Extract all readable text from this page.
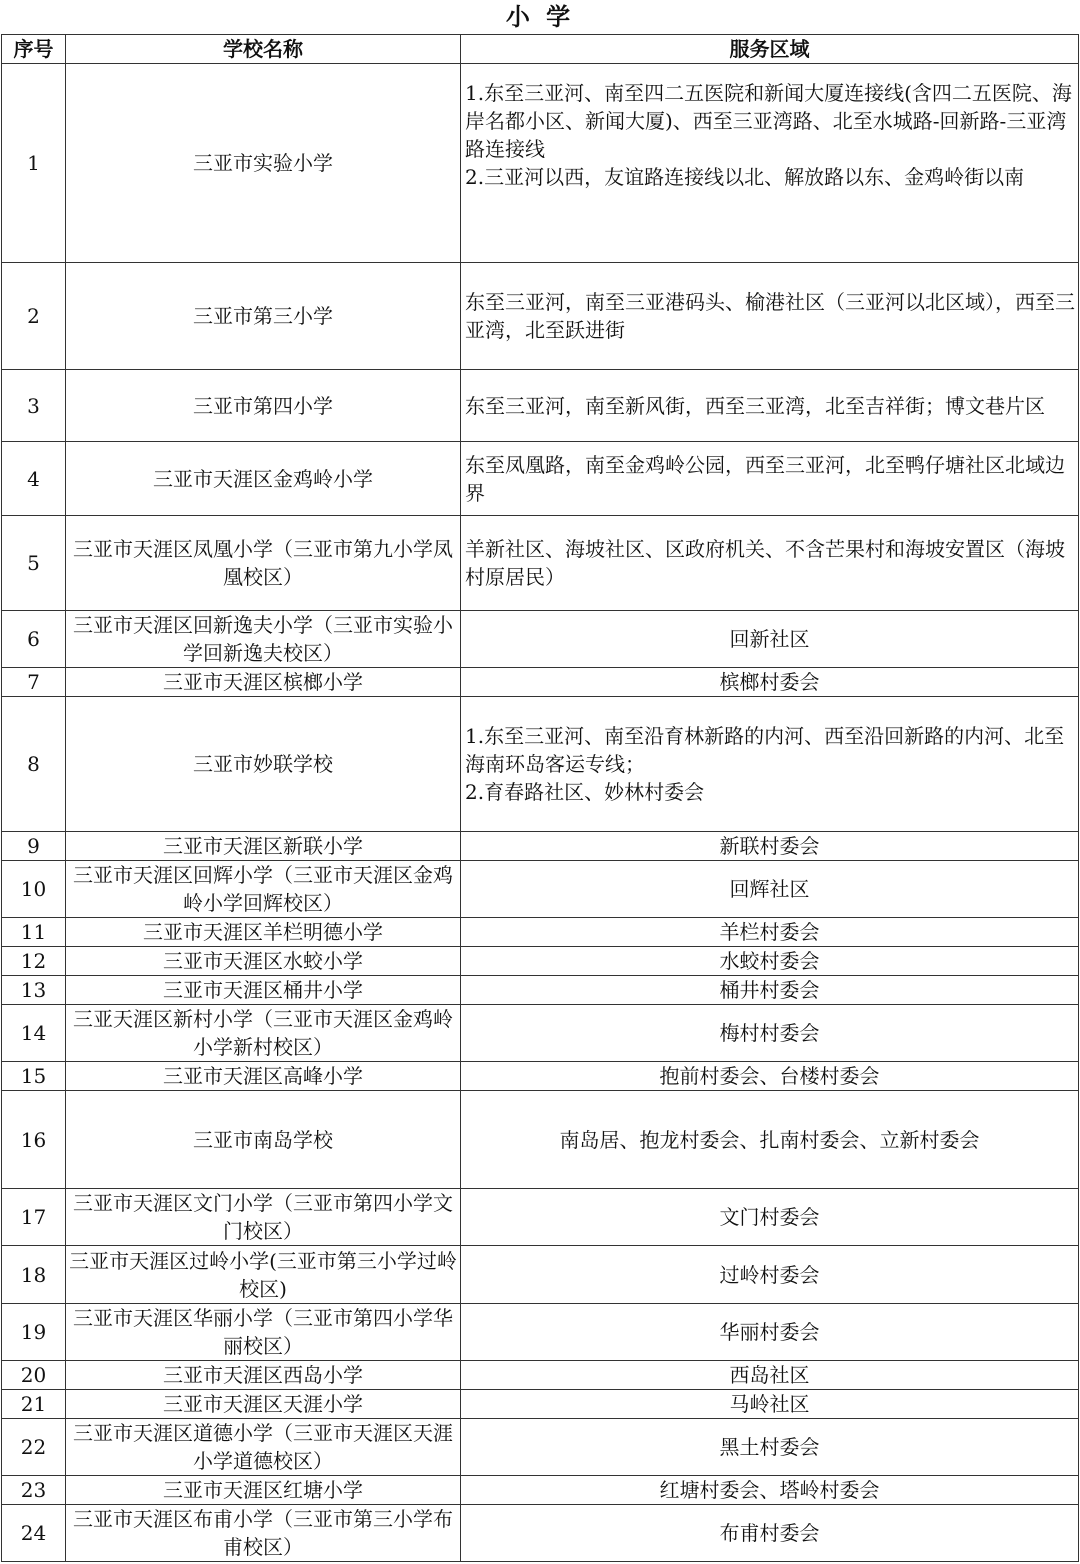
小 学
序号	学校名称	服务区域
1	三亚市实验小学	1.东至三亚河、南至四二五医院和新闻大厦连接线(含四二五医院、海岸名都小区、新闻大厦)、西至三亚湾路、北至水城路-回新路-三亚湾路连接线
2.三亚河以西，友谊路连接线以北、解放路以东、金鸡岭街以南

2	三亚市第三小学	东至三亚河，南至三亚港码头、榆港社区（三亚河以北区域），西至三亚湾，北至跃进街

3	三亚市第四小学	东至三亚河，南至新风街，西至三亚湾，北至吉祥街；博文巷片区

4	三亚市天涯区金鸡岭小学	东至凤凰路，南至金鸡岭公园，西至三亚河，北至鸭仔塘社区北域边界

5	三亚市天涯区凤凰小学（三亚市第九小学凤凰校区）	羊新社区、海坡社区、区政府机关、不含芒果村和海坡安置区（海坡村原居民）

6	三亚市天涯区回新逸夫小学（三亚市实验小学回新逸夫校区）	回新社区

7	三亚市天涯区槟榔小学	槟榔村委会

8	三亚市妙联学校	1.东至三亚河、南至沿育林新路的内河、西至沿回新路的内河、北至海南环岛客运专线；
2.育春路社区、妙林村委会

9	三亚市天涯区新联小学	新联村委会

10	三亚市天涯区回辉小学（三亚市天涯区金鸡岭小学回辉校区）	回辉社区

11	三亚市天涯区羊栏明德小学	羊栏村委会

12	三亚市天涯区水蛟小学	水蛟村委会

13	三亚市天涯区桶井小学	桶井村委会

14	三亚天涯区新村小学（三亚市天涯区金鸡岭小学新村校区）	梅村村委会

15	三亚市天涯区高峰小学	抱前村委会、台楼村委会

16	三亚市南岛学校	南岛居、抱龙村委会、扎南村委会、立新村委会

17	三亚市天涯区文门小学（三亚市第四小学文门校区）	文门村委会

18	三亚市天涯区过岭小学(三亚市第三小学过岭校区)	过岭村委会

19	三亚市天涯区华丽小学（三亚市第四小学华丽校区）	华丽村委会

20	三亚市天涯区西岛小学	西岛社区

21	三亚市天涯区天涯小学	马岭社区

22	三亚市天涯区道德小学（三亚市天涯区天涯小学道德校区）	黑土村委会

23	三亚市天涯区红塘小学	红塘村委会、塔岭村委会

24	三亚市天涯区布甫小学（三亚市第三小学布甫校区）	布甫村委会
